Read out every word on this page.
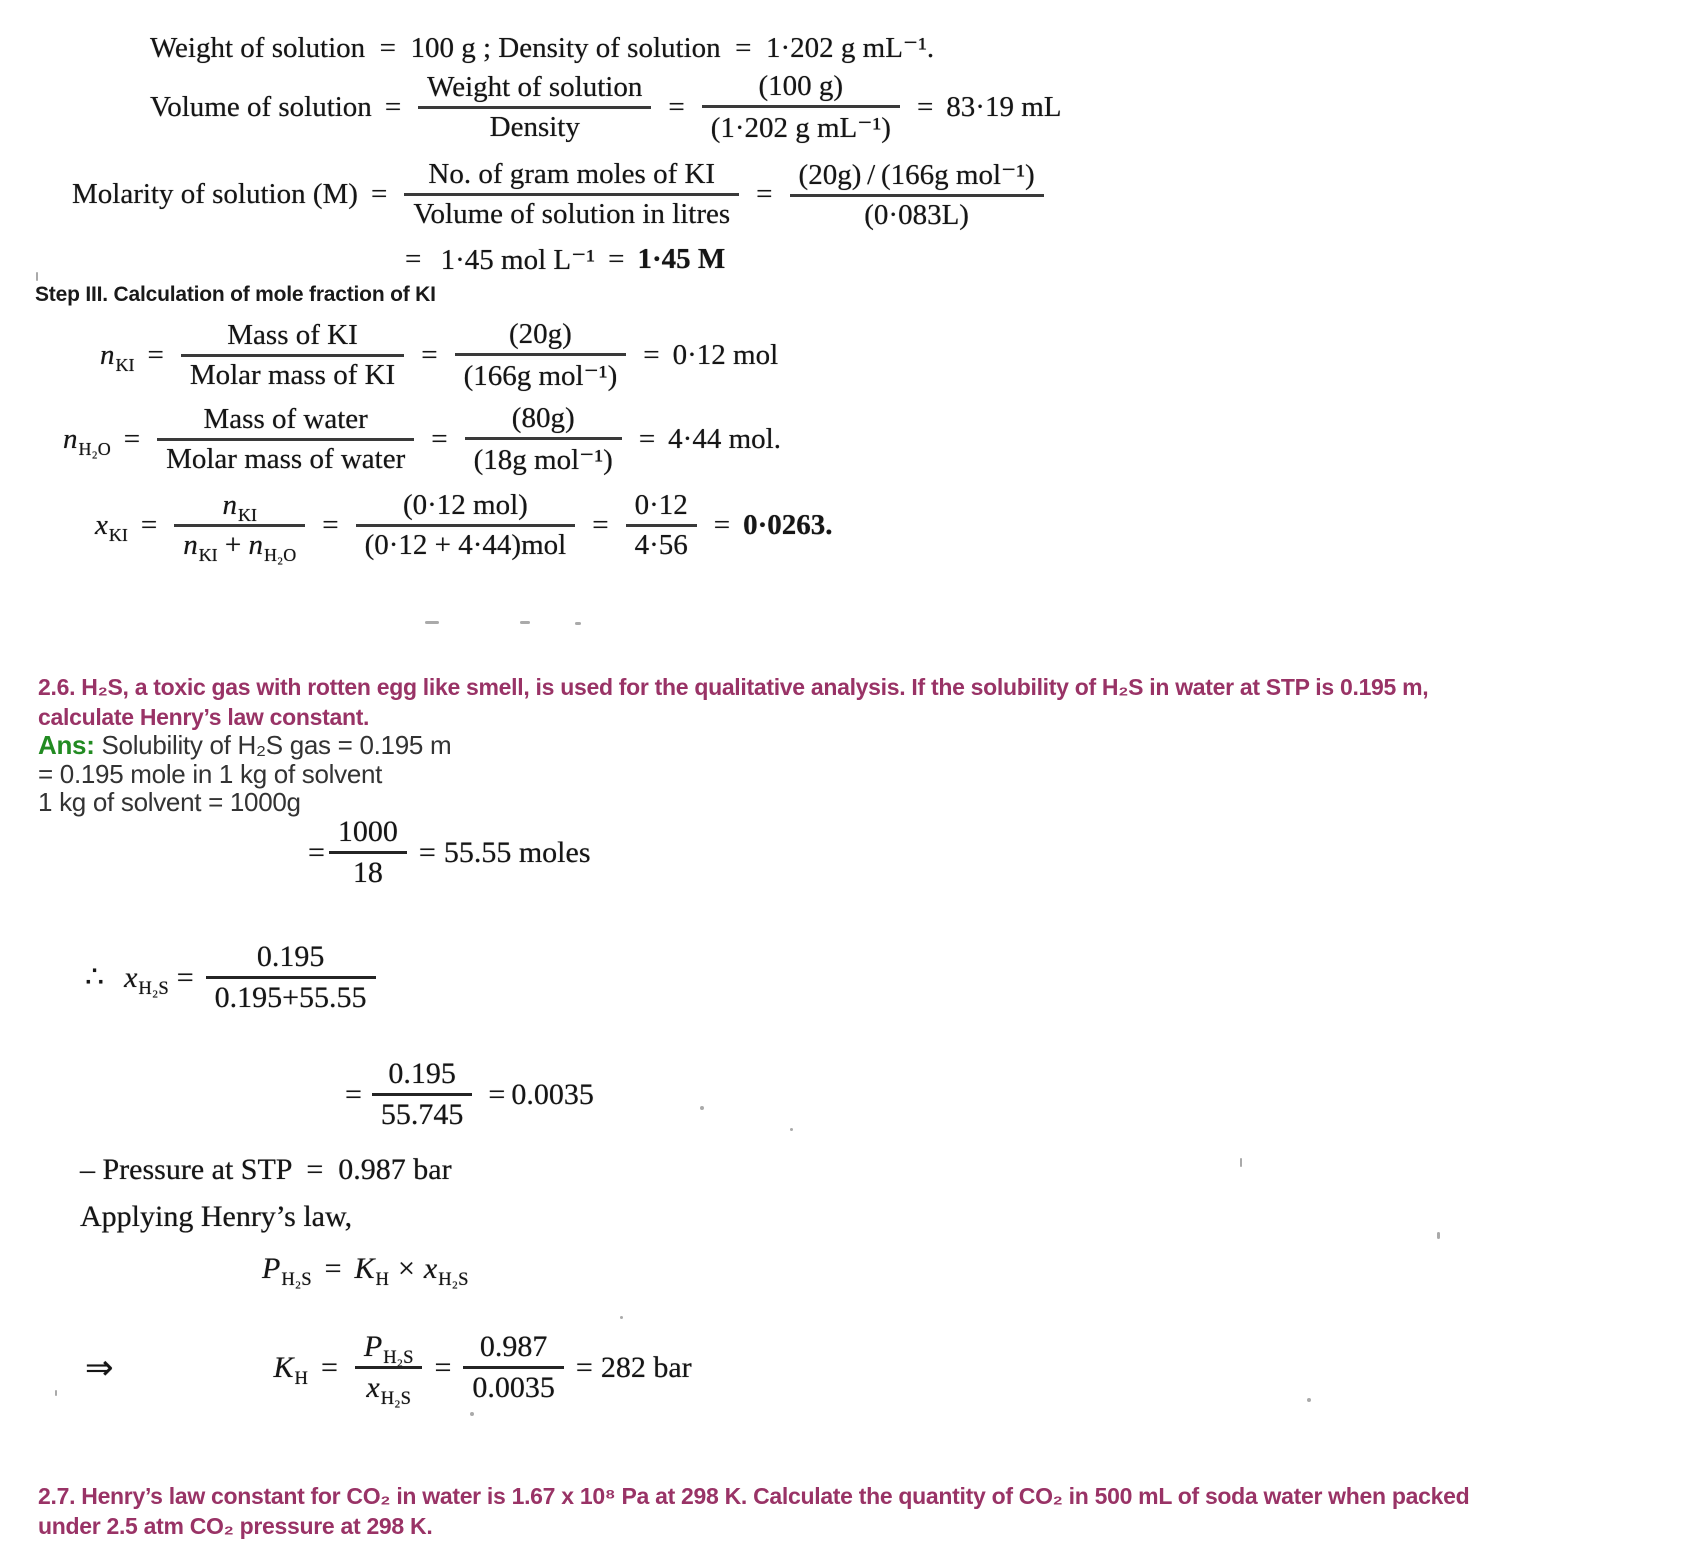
Weight of solution  =  100 g ; Density of solution  =  1·202 g mL⁻¹.
Volume of solution = $\frac{\text{Weight of solution}}{\text{Density}} = \frac{(100 g)}{\text{(1·202 g mL⁻¹)}} = 83\cdot 19$ mL
Molarity of solution $(M) = \frac{\text{No. of gram moles of KI}}{\text{Volume of solution in litres}} = \frac{\text{(20g) / (166g mol⁻¹)}}{(0\cdot 083L)}$
=
1·45 mol L⁻¹ = 1·45 M
Step III. Calculation of mole fraction of KI
$n_{KI} = \frac{\text{Mass of KI}}{\text{Molar mass of KI}} = \frac{(20g)}{\text{(166g mol⁻¹)}} = 0\cdot 12$ mol
$n_{H_2O} = \frac{\text{Mass of water}}{\text{Molar mass of water}} = \frac{(80g)}{\text{(18g mol⁻¹)}} = 4\cdot 44$ mol.
$x_{KI} = \frac{n_{KI}}{n_{KI} + n_{H_2O}} = \frac{\text{(0·12 mol)}}{\text{(0·12 + 4·44)mol}} = \frac{0\cdot 12}{4\cdot 56} = 0\cdot 0263$.
2.6. H₂S, a toxic gas with rotten egg like smell, is used for the qualitative analysis. If the solubility of H₂S in water at STP is 0.195 m,
calculate Henry’s law constant.
Ans: Solubility of H₂S gas = 0.195 m
= 0.195 mole in 1 kg of solvent
1 kg of solvent = 1000g
= $\frac{1000}{18} = 55.55$ moles
∴ $x_{H_2S} = \frac{0.195}{0.195+55.55}$
= $\frac{0.195}{55.745} = 0.0035$
– Pressure at STP  =  0.987 bar
Applying Henry’s law,
$P_{H_2S} = K_H \times x_{H_2S}$
⇒	$K_H = \frac{P_{H_2S}}{x_{H_2S}} = \frac{0.987}{0.0035} = 282$ bar
2.7. Henry’s law constant for CO₂ in water is 1.67 x 10⁸ Pa at 298 K. Calculate the quantity of CO₂ in 500 mL of soda water when packed
under 2.5 atm CO₂ pressure at 298 K.
